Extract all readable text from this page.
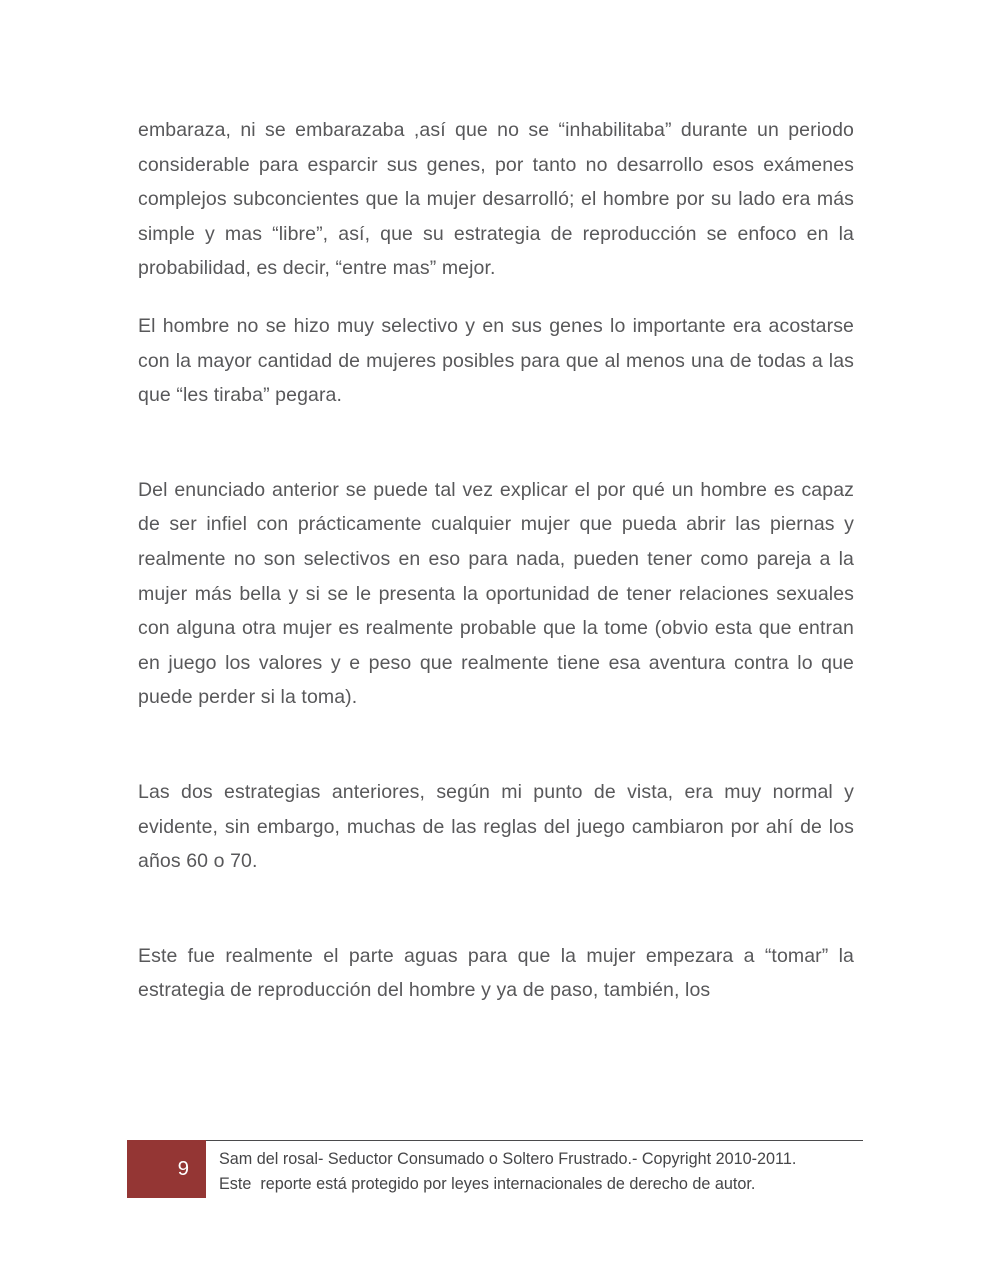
embaraza, ni se embarazaba ,así que no se “inhabilitaba” durante un periodo considerable para esparcir sus genes, por tanto no desarrollo esos exámenes complejos subconcientes que la mujer desarrolló; el hombre por su lado era más simple y mas “libre”, así, que su estrategia de reproducción se enfoco en la probabilidad, es decir, “entre mas” mejor.

El hombre no se hizo muy selectivo y en sus genes lo importante era acostarse con la mayor cantidad de mujeres posibles para que al menos una de todas a las que “les tiraba” pegara.

Del enunciado anterior se puede tal vez explicar el por qué un hombre es capaz de ser infiel con prácticamente cualquier mujer que pueda abrir las piernas y realmente no son selectivos en eso para nada, pueden tener como pareja a la mujer más bella y si se le presenta la oportunidad de tener relaciones sexuales con alguna otra mujer es realmente probable que la tome (obvio esta que entran en juego los valores y e peso que realmente tiene esa aventura contra lo que puede perder si la toma).

Las dos estrategias anteriores, según mi punto de vista, era muy normal y evidente, sin embargo, muchas de las reglas del juego cambiaron por ahí de los años 60 o 70.

Este fue realmente el parte aguas para que la mujer empezara a “tomar” la estrategia de reproducción del hombre y ya de paso, también, los

9 Sam del rosal- Seductor Consumado o Soltero Frustrado.- Copyright 2010-2011.
Este  reporte está protegido por leyes internacionales de derecho de autor.
